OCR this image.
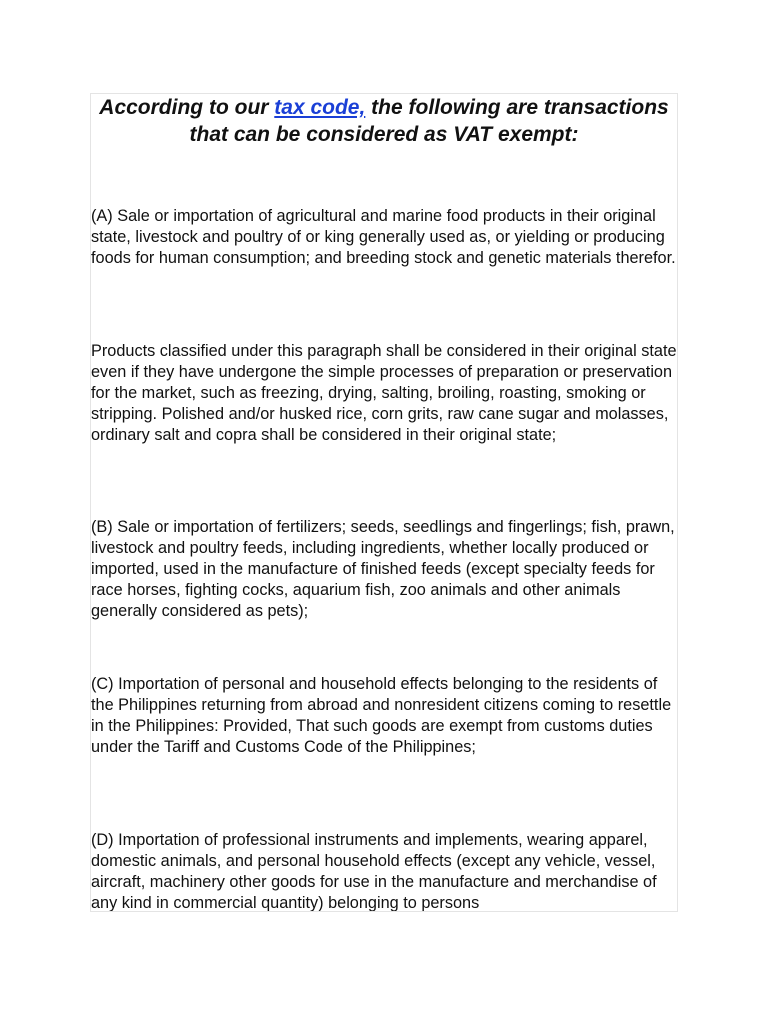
According to our tax code, the following are transactions that can be considered as VAT exempt:

(A) Sale or importation of agricultural and marine food products in their original state, livestock and poultry of or king generally used as, or yielding or producing foods for human consumption; and breeding stock and genetic materials therefor.

Products classified under this paragraph shall be considered in their original state even if they have undergone the simple processes of preparation or preservation for the market, such as freezing, drying, salting, broiling, roasting, smoking or stripping. Polished and/or husked rice, corn grits, raw cane sugar and molasses, ordinary salt and copra shall be considered in their original state;

(B) Sale or importation of fertilizers; seeds, seedlings and fingerlings; fish, prawn, livestock and poultry feeds, including ingredients, whether locally produced or imported, used in the manufacture of finished feeds (except specialty feeds for race horses, fighting cocks, aquarium fish, zoo animals and other animals generally considered as pets);

(C) Importation of personal and household effects belonging to the residents of the Philippines returning from abroad and nonresident citizens coming to resettle in the Philippines: Provided, That such goods are exempt from customs duties under the Tariff and Customs Code of the Philippines;

(D) Importation of professional instruments and implements, wearing apparel, domestic animals, and personal household effects (except any vehicle, vessel, aircraft, machinery other goods for use in the manufacture and merchandise of any kind in commercial quantity) belonging to persons
